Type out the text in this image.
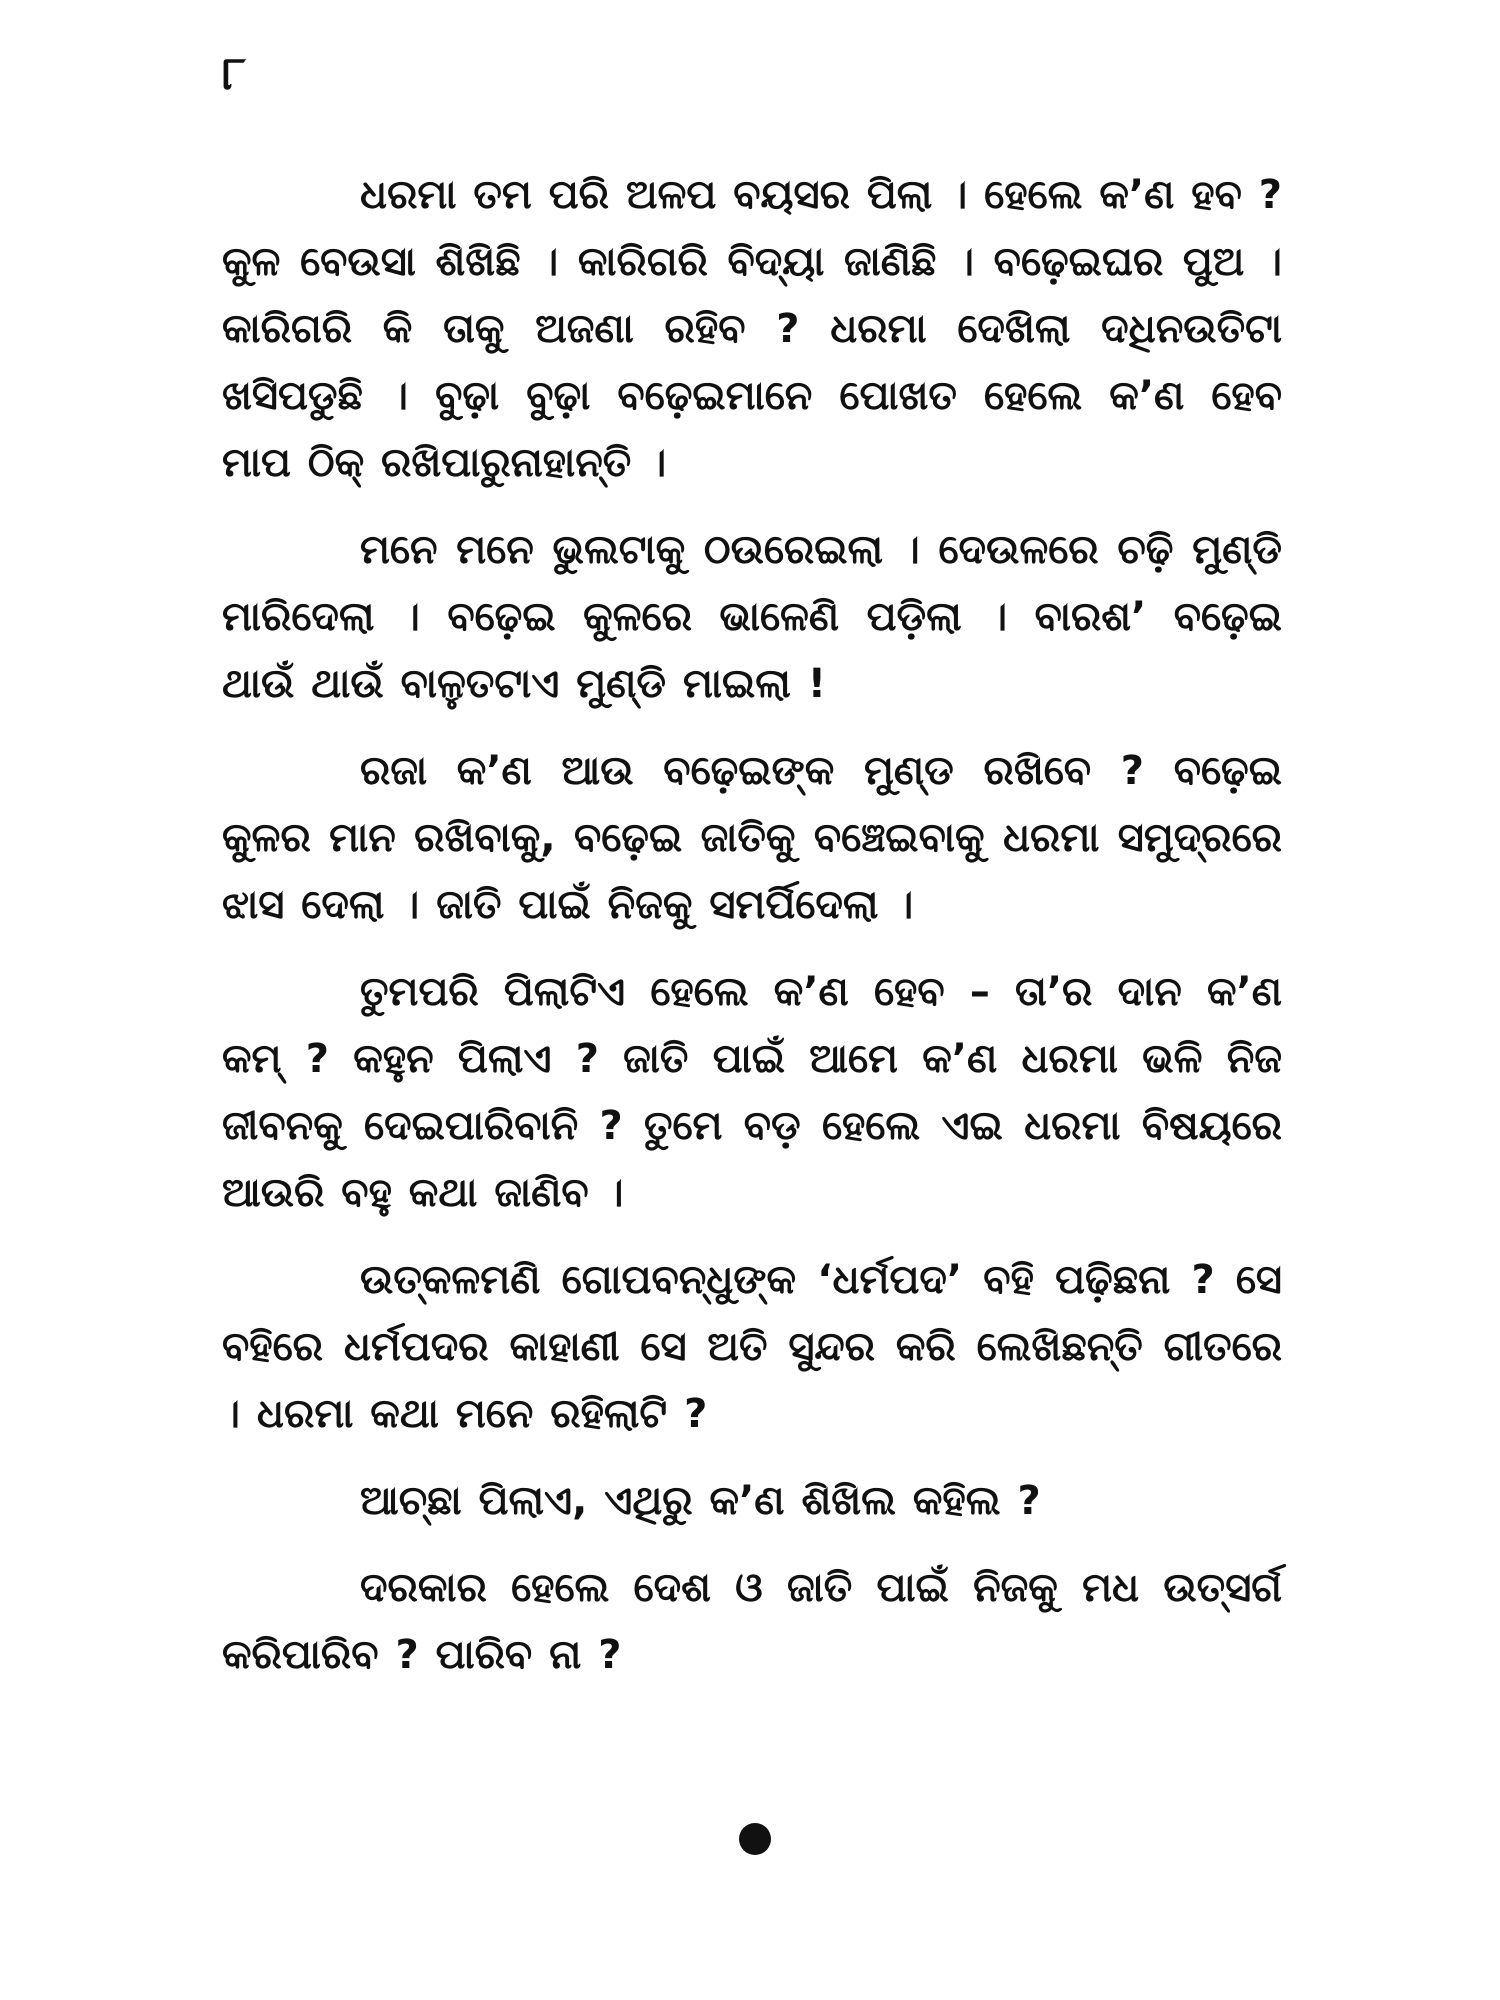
୮

ଧରମା ତମ ପରି ଅଳପ ବୟସର ପିଲା । ହେଲେ କ’ଣ ହବ ? କୁଳ ବେଉସା ଶିଖିଛି । କାରିଗରି ବିଦ୍ୟା ଜାଣିଛି । ବଢ଼େଇଘର ପୁଅ । କାରିଗରି କି ତାକୁ ଅଜଣା ରହିବ ? ଧରମା ଦେଖିଲା ଦଧିନଉତିଟା ଖସିପଡୁଛି । ବୁଢ଼ା ବୁଢ଼ା ବଢ଼େଇମାନେ ପୋଖତ ହେଲେ କ’ଣ ହେବ ମାପ ଠିକ୍ ରଖିପାରୁନାହାନ୍ତି ।

ମନେ ମନେ ଭୁଲଟାକୁ ଠଉରେଇଲା । ଦେଉଳରେ ଚଢ଼ି ମୁଣ୍ଡି ମାରିଦେଲା । ବଢ଼େଇ କୁଳରେ ଭାଳେଣି ପଡ଼ିଲା । ବାରଶ’ ବଢ଼େଇ ଥାଉଁ ଥାଉଁ ବାଳୁତଟାଏ ମୁଣ୍ଡି ମାଇଲା !

ରଜା କ’ଣ ଆଉ ବଢ଼େଇଙ୍କ ମୁଣ୍ଡ ରଖିବେ ? ବଢ଼େଇ କୁଳର ମାନ ରଖିବାକୁ, ବଢ଼େଇ ଜାତିକୁ ବଞ୍ଚେଇବାକୁ ଧରମା ସମୁଦ୍ରରେ ଝାସ ଦେଲା । ଜାତି ପାଇଁ ନିଜକୁ ସମର୍ପିଦେଲା ।

ତୁମପରି ପିଲାଟିଏ ହେଲେ କ’ଣ ହେବ – ତା’ର ଦାନ କ’ଣ କମ୍ ? କହୁନ ପିଲାଏ ? ଜାତି ପାଇଁ ଆମେ କ’ଣ ଧରମା ଭଳି ନିଜ ଜୀବନକୁ ଦେଇପାରିବାନି ? ତୁମେ ବଡ଼ ହେଲେ ଏଇ ଧରମା ବିଷୟରେ ଆଉରି ବହୁ କଥା ଜାଣିବ ।

ଉତ୍କଳମଣି ଗୋପବନ୍ଧୁଙ୍କ ‘ଧର୍ମପଦ’ ବହି ପଢ଼ିଛନା ? ସେ ବହିରେ ଧର୍ମପଦର କାହାଣୀ ସେ ଅତି ସୁନ୍ଦର କରି ଲେଖିଛନ୍ତି ଗୀତରେ । ଧରମା କଥା ମନେ ରହିଲାଟି ?

ଆଚ୍ଛା ପିଲାଏ, ଏଥିରୁ କ’ଣ ଶିଖିଲ କହିଲ ?

ଦରକାର ହେଲେ ଦେଶ ଓ ଜାତି ପାଇଁ ନିଜକୁ ମଧ ଉତ୍ସର୍ଗ କରିପାରିବ ? ପାରିବ ନା ?
